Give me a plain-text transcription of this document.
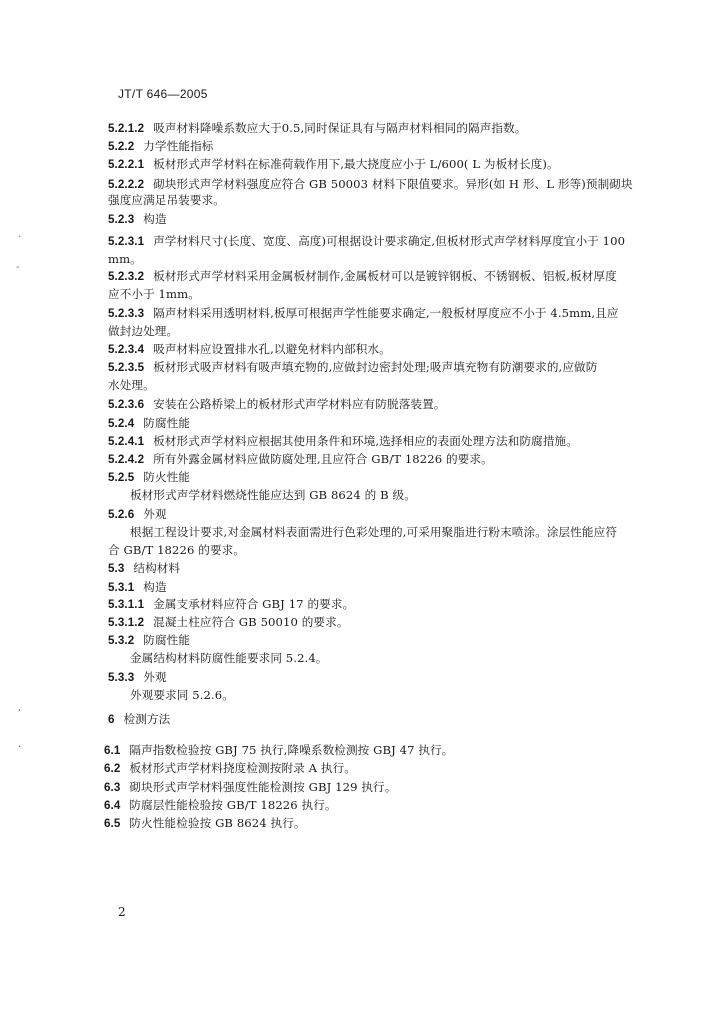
JT/T 646—2005
5.2.1.2 吸声材料降噪系数应大于0.5,同时保证具有与隔声材料相同的隔声指数。
5.2.2 力学性能指标
5.2.2.1 板材形式声学材料在标准荷载作用下,最大挠度应小于 L/600( L 为板材长度)。
5.2.2.2 砌块形式声学材料强度应符合 GB 50003 材料下限值要求。异形(如 H 形、L 形等)预制砌块
强度应满足吊装要求。
5.2.3 构造
5.2.3.1 声学材料尺寸(长度、宽度、高度)可根据设计要求确定,但板材形式声学材料厚度宜小于 100
mm。
5.2.3.2 板材形式声学材料采用金属板材制作,金属板材可以是镀锌钢板、不锈钢板、铝板,板材厚度
应不小于 1mm。
5.2.3.3 隔声材料采用透明材料,板厚可根据声学性能要求确定,一般板材厚度应不小于 4.5mm,且应
做封边处理。
5.2.3.4 吸声材料应设置排水孔,以避免材料内部积水。
5.2.3.5 板材形式吸声材料有吸声填充物的,应做封边密封处理;吸声填充物有防潮要求的,应做防
水处理。
5.2.3.6 安装在公路桥梁上的板材形式声学材料应有防脱落装置。
5.2.4 防腐性能
5.2.4.1 板材形式声学材料应根据其使用条件和环境,选择相应的表面处理方法和防腐措施。
5.2.4.2 所有外露金属材料应做防腐处理,且应符合 GB/T 18226 的要求。
5.2.5 防火性能
板材形式声学材料燃烧性能应达到 GB 8624 的 B 级。
5.2.6 外观
根据工程设计要求,对金属材料表面需进行色彩处理的,可采用聚脂进行粉末喷涂。涂层性能应符
合 GB/T 18226 的要求。
5.3 结构材料
5.3.1 构造
5.3.1.1 金属支承材料应符合 GBJ 17 的要求。
5.3.1.2 混凝土柱应符合 GB 50010 的要求。
5.3.2 防腐性能
金属结构材料防腐性能要求同 5.2.4。
5.3.3 外观
外观要求同 5.2.6。
6 检测方法
6.1 隔声指数检验按 GBJ 75 执行,降噪系数检测按 GBJ 47 执行。
6.2 板材形式声学材料挠度检测按附录 A 执行。
6.3 砌块形式声学材料强度性能检测按 GBJ 129 执行。
6.4 防腐层性能检验按 GB/T 18226 执行。
6.5 防火性能检验按 GB 8624 执行。
2
·
-
,
·
